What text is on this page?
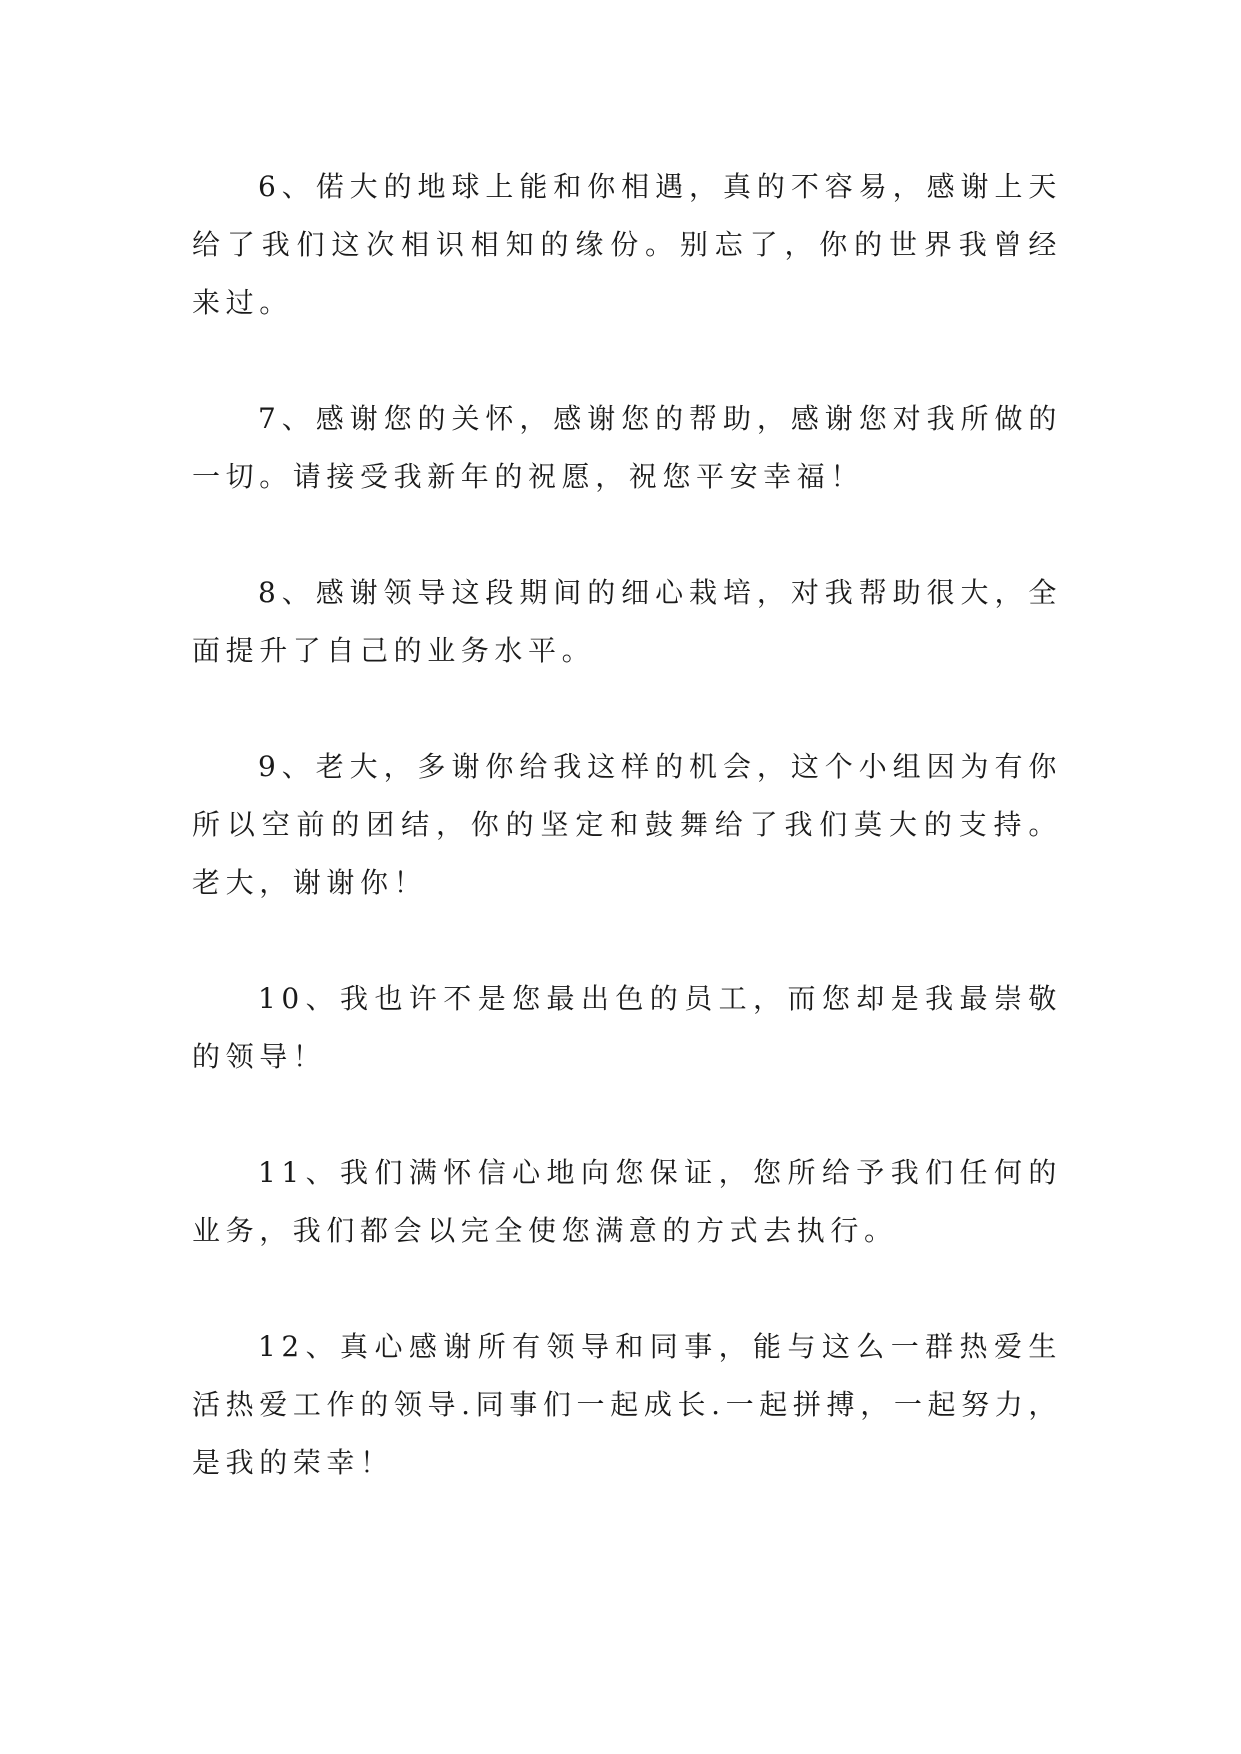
6、偌大的地球上能和你相遇，真的不容易，感谢上天给了我们这次相识相知的缘份。别忘了，你的世界我曾经来过。

7、感谢您的关怀，感谢您的帮助，感谢您对我所做的一切。请接受我新年的祝愿，祝您平安幸福！

8、感谢领导这段期间的细心栽培，对我帮助很大，全面提升了自己的业务水平。

9、老大，多谢你给我这样的机会，这个小组因为有你所以空前的团结，你的坚定和鼓舞给了我们莫大的支持。老大，谢谢你！

10、我也许不是您最出色的员工，而您却是我最崇敬的领导！

11、我们满怀信心地向您保证，您所给予我们任何的业务，我们都会以完全使您满意的方式去执行。

12、真心感谢所有领导和同事，能与这么一群热爱生活热爱工作的领导.同事们一起成长.一起拼搏，一起努力，是我的荣幸！
